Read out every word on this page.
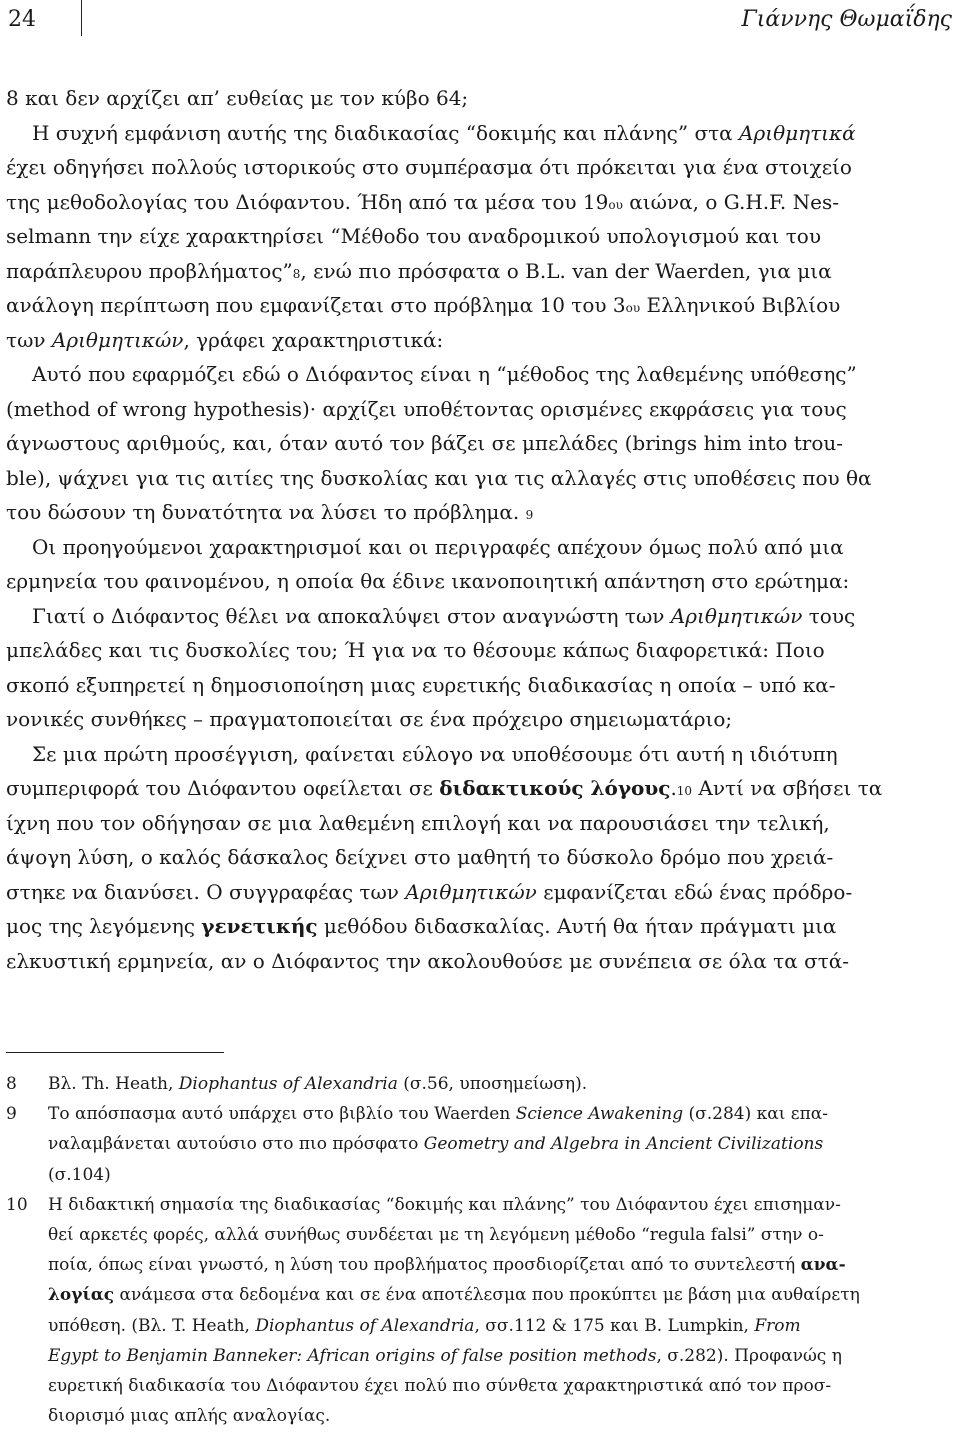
24	Γιάννης Θωμαΐδης
8 και δεν αρχίζει απ’ ευθείας με τον κύβο 64;
Η συχνή εμφάνιση αυτής της διαδικασίας “δοκιμής και πλάνης” στα Αριθμητικά
έχει οδηγήσει πολλούς ιστορικούς στο συμπέρασμα ότι πρόκειται για ένα στοιχείο
της μεθοδολογίας του Διόφαντου. Ήδη από τα μέσα του 19 ου αιώνα, ο G.H.F. Nes-
selmann την είχε χαρακτηρίσει “Μέθοδο του αναδρομικού υπολογισμού και του
παράπλευρου προβλήματος” 8 , ενώ πιο πρόσφατα ο B.L. van der Waerden, για μια
ανάλογη περίπτωση που εμφανίζεται στο πρόβλημα 10 του 3 ου Ελληνικού Βιβλίου
των Αριθμητικών , γράφει χαρακτηριστικά:
Αυτό που εφαρμόζει εδώ ο Διόφαντος είναι η “μέθοδος της λαθεμένης υπόθεσης”
(method of wrong hypothesis)· αρχίζει υποθέτοντας ορισμένες εκφράσεις για τους
άγνωστους αριθμούς, και, όταν αυτό τον βάζει σε μπελάδες (brings him into trou-
ble), ψάχνει για τις αιτίες της δυσκολίας και για τις αλλαγές στις υποθέσεις που θα
του δώσουν τη δυνατότητα να λύσει το πρόβλημα. 9
Οι προηγούμενοι χαρακτηρισμοί και οι περιγραφές απέχουν όμως πολύ από μια
ερμηνεία του φαινομένου, η οποία θα έδινε ικανοποιητική απάντηση στο ερώτημα:
Γιατί ο Διόφαντος θέλει να αποκαλύψει στον αναγνώστη των Αριθμητικών τους
μπελάδες και τις δυσκολίες του; Ή για να το θέσουμε κάπως διαφορετικά: Ποιο
σκοπό εξυπηρετεί η δημοσιοποίηση μιας ευρετικής διαδικασίας η οποία – υπό κα-
νονικές συνθήκες – πραγματοποιείται σε ένα πρόχειρο σημειωματάριο;
Σε μια πρώτη προσέγγιση, φαίνεται εύλογο να υποθέσουμε ότι αυτή η ιδιότυπη
συμπεριφορά του Διόφαντου οφείλεται σε διδακτικούς λόγους . 10 Αντί να σβήσει τα
ίχνη που τον οδήγησαν σε μια λαθεμένη επιλογή και να παρουσιάσει την τελική,
άψογη λύση, ο καλός δάσκαλος δείχνει στο μαθητή το δύσκολο δρόμο που χρειά-
στηκε να διανύσει. Ο συγγραφέας των Αριθμητικών εμφανίζεται εδώ ένας πρόδρο-
μος της λεγόμενης γενετικής μεθόδου διδασκαλίας. Αυτή θα ήταν πράγματι μια
ελκυστική ερμηνεία, αν ο Διόφαντος την ακολουθούσε με συνέπεια σε όλα τα στά-
8	Βλ. Th. Heath, Diophantus of Alexandria (σ.56, υποσημείωση).
9	Το απόσπασμα αυτό υπάρχει στο βιβλίο του Waerden Science Awakening (σ.284) και επα-
ναλαμβάνεται αυτούσιο στο πιο πρόσφατο Geometry and Algebra in Ancient Civilizations
(σ.104)
10	Η διδακτική σημασία της διαδικασίας “δοκιμής και πλάνης” του Διόφαντου έχει επισημαν-
θεί αρκετές φορές, αλλά συνήθως συνδέεται με τη λεγόμενη μέθοδο “regula falsi” στην ο-
ποία, όπως είναι γνωστό, η λύση του προβλήματος προσδιορίζεται από το συντελεστή ανα-
λογίας ανάμεσα στα δεδομένα και σε ένα αποτέλεσμα που προκύπτει με βάση μια αυθαίρετη
υπόθεση. (Βλ. T. Heath, Diophantus of Alexandria , σσ.112 & 175 και B. Lumpkin, From
Egypt to Benjamin Banneker: African origins of false position methods , σ.282). Προφανώς η
ευρετική διαδικασία του Διόφαντου έχει πολύ πιο σύνθετα χαρακτηριστικά από τον προσ-
διορισμό μιας απλής αναλογίας.
